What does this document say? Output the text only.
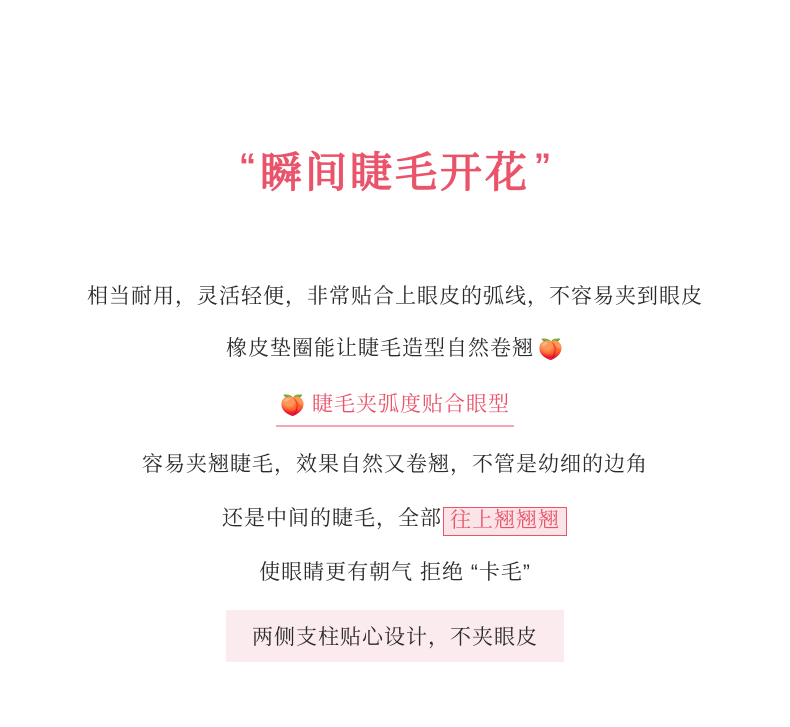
“瞬间睫毛开花 ”
相当耐用，灵活轻便，非常贴合上眼皮的弧线，不容易夹到眼皮
橡皮垫圈能让睫毛造型自然卷翘 🍑
🍑 睫毛夹弧度贴合眼型
容易夹翘睫毛，效果自然又卷翘，不管是幼细的边角
还是中间的睫毛，全部 往上翘翘翘
使眼睛更有朝气 拒绝 “卡毛”
两侧支柱贴心设计，不夹眼皮
